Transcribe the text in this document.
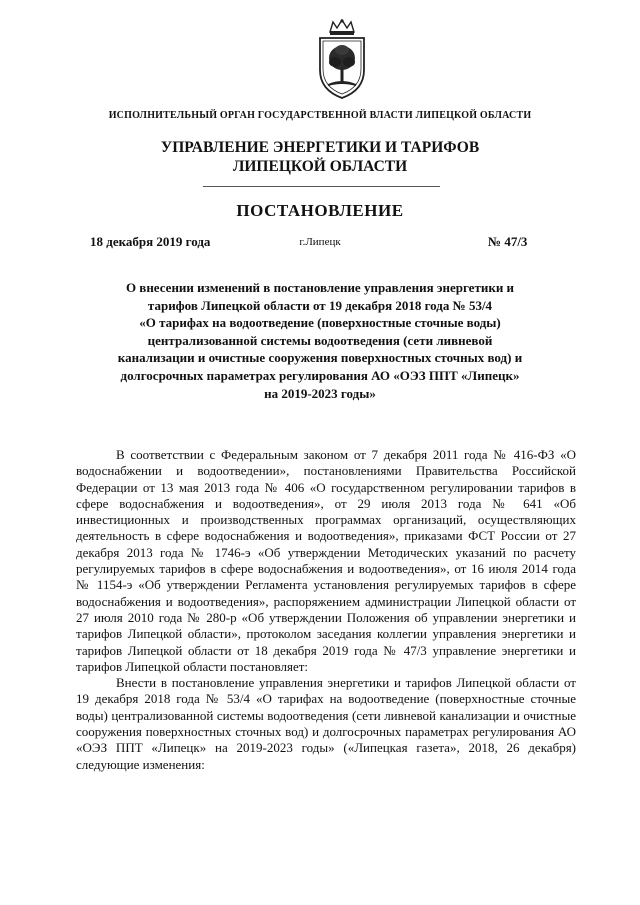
ИСПОЛНИТЕЛЬНЫЙ ОРГАН ГОСУДАРСТВЕННОЙ ВЛАСТИ ЛИПЕЦКОЙ ОБЛАСТИ
УПРАВЛЕНИЕ ЭНЕРГЕТИКИ И ТАРИФОВ
ЛИПЕЦКОЙ ОБЛАСТИ
ПОСТАНОВЛЕНИЕ
18 декабря 2019 года	г.Липецк	№ 47/3
О внесении изменений в постановление управления энергетики и
тарифов Липецкой области от 19 декабря 2018 года № 53/4
«О тарифах на водоотведение (поверхностные сточные воды)
централизованной системы водоотведения (сети ливневой
канализации и очистные сооружения поверхностных сточных вод) и
долгосрочных параметрах регулирования АО «ОЭЗ ППТ «Липецк»
на 2019-2023 годы»

В соответствии с Федеральным законом от 7 декабря 2011 года № 416-ФЗ «О водоснабжении и водоотведении», постановлениями Правительства Российской Федерации от 13 мая 2013 года № 406 «О государственном регулировании тарифов в сфере водоснабжения и водоотведения», от 29 июля 2013 года № 641 «Об инвестиционных и производственных программах организаций, осуществляющих деятельность в сфере водоснабжения и водоотведения», приказами ФСТ России от 27 декабря 2013 года № 1746-э «Об утверждении Методических указаний по расчету регулируемых тарифов в сфере водоснабжения и водоотведения», от 16 июля 2014 года № 1154-э «Об утверждении Регламента установления регулируемых тарифов в сфере водоснабжения и водоотведения», распоряжением администрации Липецкой области от 27 июля 2010 года № 280-р «Об утверждении Положения об управлении энергетики и тарифов Липецкой области», протоколом заседания коллегии управления энергетики и тарифов Липецкой области от 18 декабря 2019 года № 47/3 управление энергетики и тарифов Липецкой области постановляет:

Внести в постановление управления энергетики и тарифов Липецкой области от 19 декабря 2018 года № 53/4 «О тарифах на водоотведение (поверхностные сточные воды) централизованной системы водоотведения (сети ливневой канализации и очистные сооружения поверхностных сточных вод) и долгосрочных параметрах регулирования АО «ОЭЗ ППТ «Липецк» на 2019-2023 годы» («Липецкая газета», 2018, 26 декабря) следующие изменения:
